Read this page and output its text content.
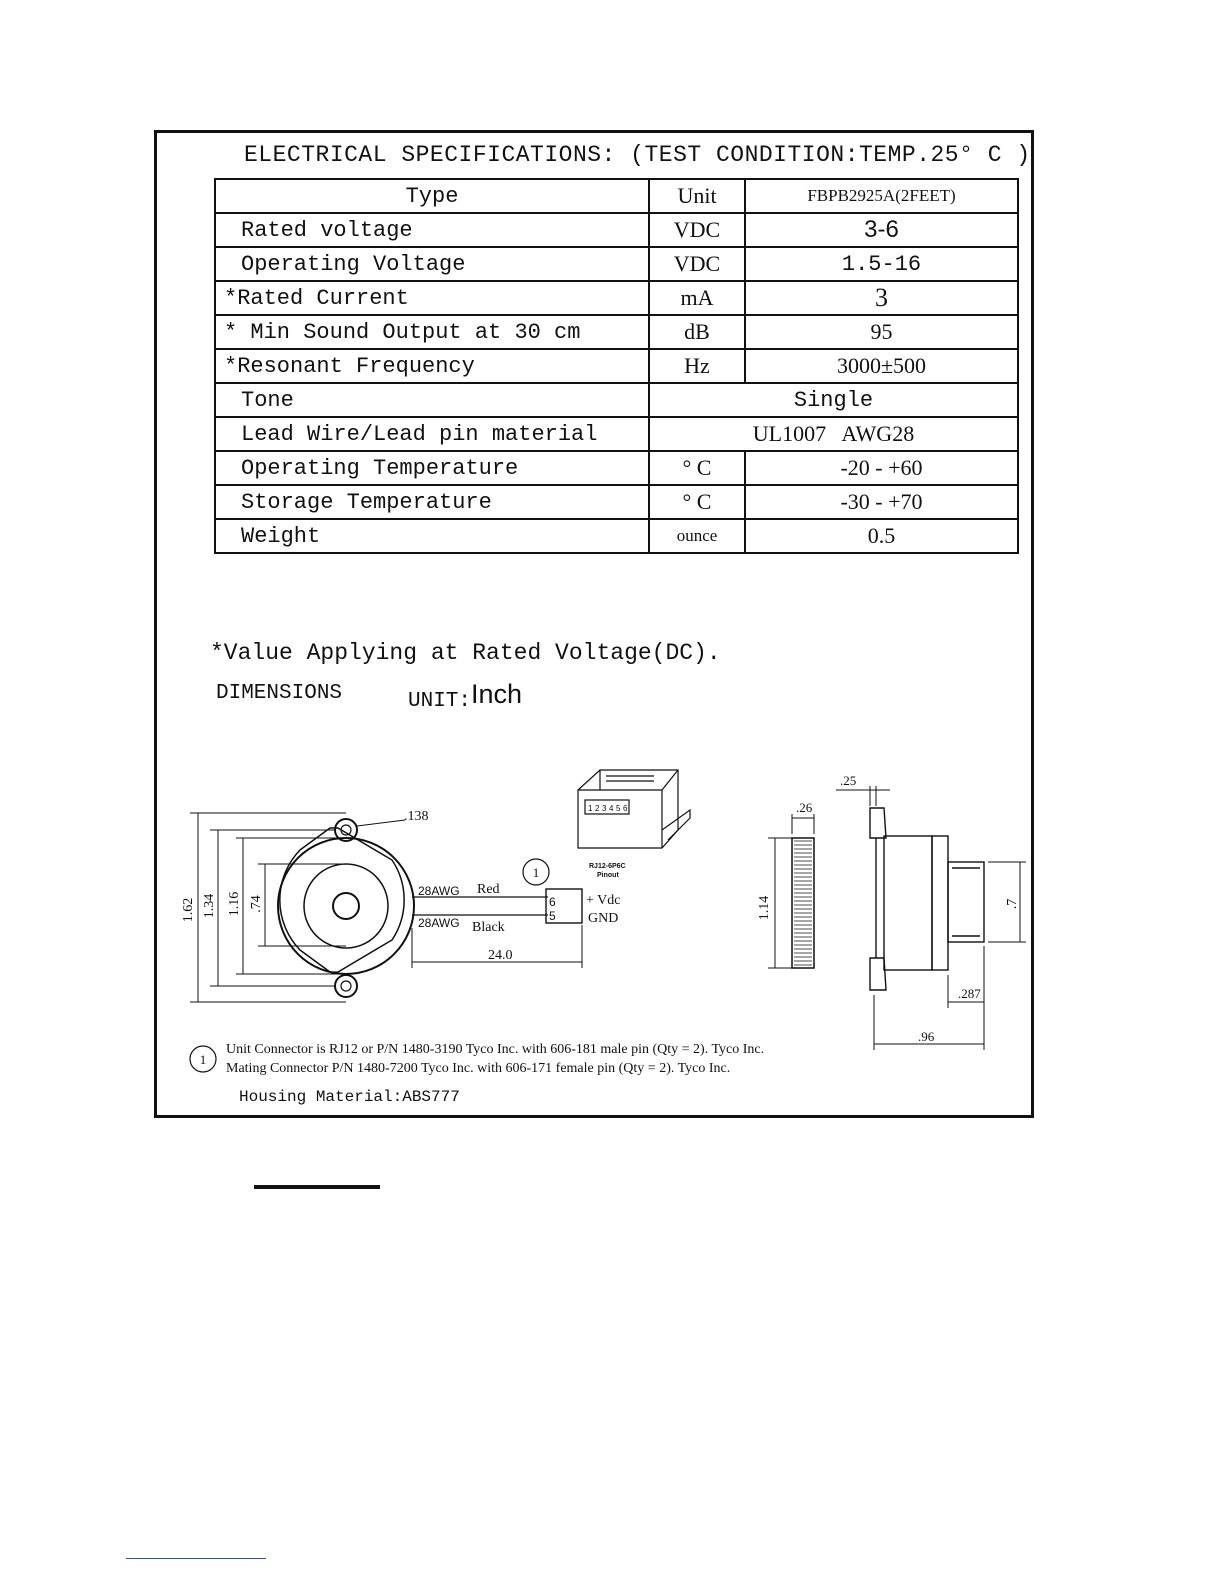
ELECTRICAL SPECIFICATIONS: (TEST CONDITION:TEMP.25° C )
Type	Unit	FBPB2925A(2FEET)
Rated voltage	VDC	3-6
Operating Voltage	VDC	1.5-16
*Rated Current	mA	3
* Min Sound Output at 30 cm	dB	95
*Resonant Frequency	Hz	3000±500
Tone	Single	
Lead Wire/Lead pin material	UL1007   AWG28	
Operating Temperature	° C	-20 - +60
Storage Temperature	° C	-30 - +70
Weight	ounce	0.5
*Value Applying at Rated Voltage(DC).
DIMENSIONS	UNIT:Inch
.138
1.62 1.34 1.16 .74
28AWG
28AWG
Red
Black
6
5
+ Vdc
GND
24.0
1
1 2 3 4 5 6
RJ12-6P6C
Pinout
.26
1.14
.25
.7
.287
.96
1
Unit Connector is RJ12 or P/N 1480-3190 Tyco Inc. with 606-181 male pin (Qty = 2). Tyco Inc.
Mating Connector P/N 1480-7200 Tyco Inc. with 606-171 female pin (Qty = 2). Tyco Inc.
Housing Material:ABS777
